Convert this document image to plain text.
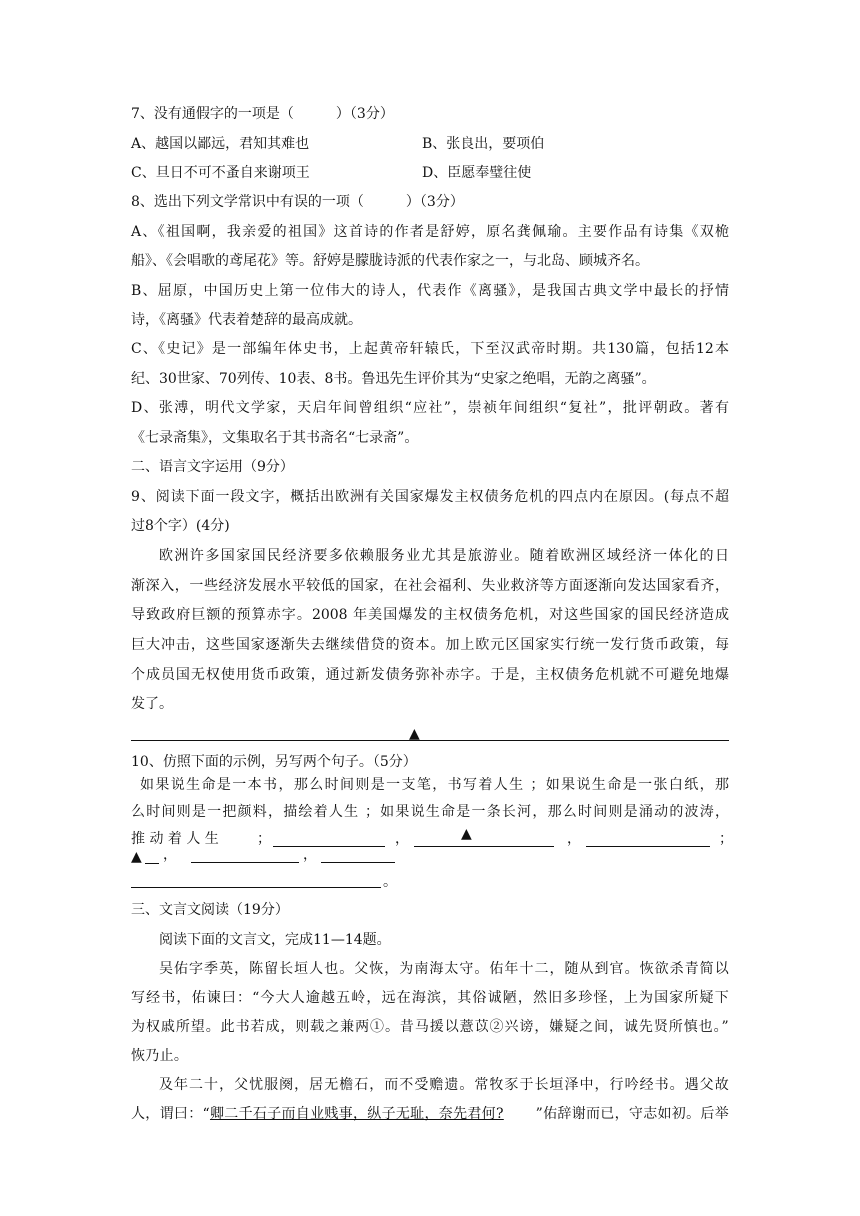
7、没有通假字的一项是（　　　）（3分）
A、越国以鄙远，君知其难也	B、张良出，要项伯
C、旦日不可不蚤自来谢项王	D、臣愿奉璧往使
8、选出下列文学常识中有误的一项（　　　）（3分）
A、《祖国啊，我亲爱的祖国》这首诗的作者是舒婷，原名龚佩瑜。主要作品有诗集《双桅
船》、《会唱歌的鸢尾花》等。舒婷是朦胧诗派的代表作家之一，与北岛、顾城齐名。
B、屈原，中国历史上第一位伟大的诗人，代表作《离骚》，是我国古典文学中最长的抒情
诗，《离骚》代表着楚辞的最高成就。
C、《史记》是一部编年体史书，上起黄帝轩辕氏，下至汉武帝时期。共130篇，包括12本
纪、30世家、70列传、10表、8书。鲁迅先生评价其为“史家之绝唱，无韵之离骚”。
D、张溥，明代文学家，天启年间曾组织“应社”，崇祯年间组织“复社”，批评朝政。著有
《七录斋集》，文集取名于其书斋名“七录斋”。
二、语言文字运用（9分）
9、阅读下面一段文字，概括出欧洲有关国家爆发主权债务危机的四点内在原因。(每点不超
过8个字）(4分)
欧洲许多国家国民经济要多依赖服务业尤其是旅游业。随着欧洲区域经济一体化的日
渐深入，一些经济发展水平较低的国家，在社会福利、失业救济等方面逐渐向发达国家看齐，
导致政府巨额的预算赤字。2008 年美国爆发的主权债务危机，对这些国家的国民经济造成
巨大冲击，这些国家逐渐失去继续借贷的资本。加上欧元区国家实行统一发行货币政策，每
个成员国无权使用货币政策，通过新发债务弥补赤字。于是，主权债务危机就不可避免地爆
发了。
▲
10、仿照下面的示例，另写两个句子。（5分）
如果说生命是一本书，那么时间则是一支笔，书写着人生 ；如果说生命是一张白纸，那
么时间则是一把颜料，描绘着人生 ；如果说生命是一条长河，那么时间则是涌动的波涛，
推 动 着 人 生	；	，	▲	，	；
▲ ，	，
。
三、文言文阅读（19分）
阅读下面的文言文，完成11—14题。
吴佑字季英，陈留长垣人也。父恢，为南海太守。佑年十二，随从到官。恢欲杀青简以
写经书，佑谏曰：“今大人逾越五岭，远在海滨，其俗诚陋，然旧多珍怪，上为国家所疑下
为权戚所望。此书若成，则载之兼两①。昔马援以薏苡②兴谤，嫌疑之间，诚先贤所慎也。”
恢乃止。
及年二十，父忧服阕，居无檐石，而不受赡遗。常牧豕于长垣泽中，行吟经书。遇父故
人，谓曰：“卿二千石子而自业贱事，纵子无耻，奈先君何? ”佑辞谢而已，守志如初。后举
